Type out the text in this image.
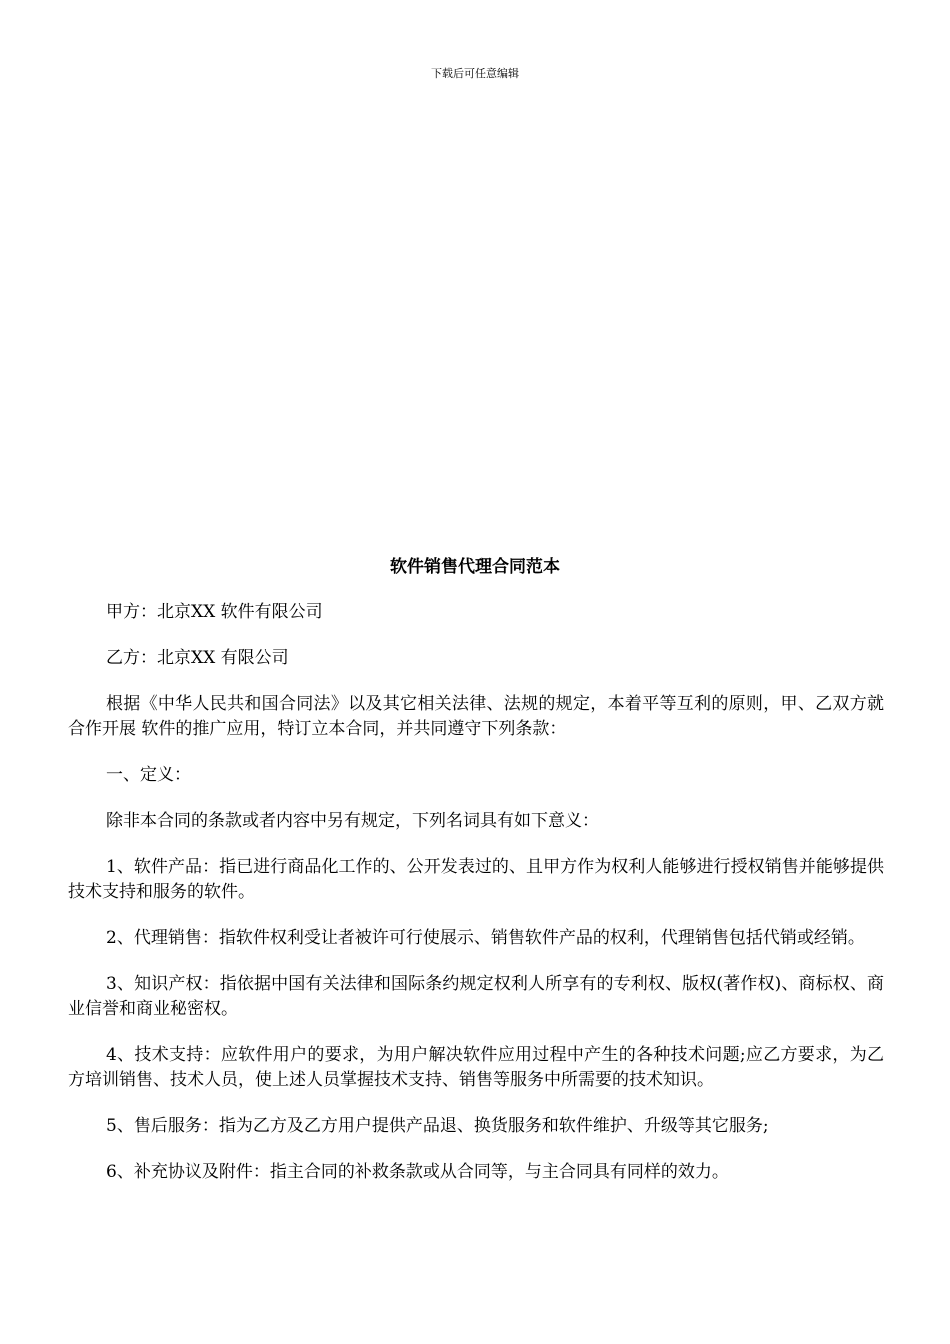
下载后可任意编辑
软件销售代理合同范本

甲方：北京XX 软件有限公司

乙方：北京XX 有限公司

根据《中华人民共和国合同法》以及其它相关法律、法规的规定，本着平等互利的原则，甲、乙双方就合作开展 软件的推广应用，特订立本合同，并共同遵守下列条款：

一、定义：

除非本合同的条款或者内容中另有规定，下列名词具有如下意义：

1、软件产品：指已进行商品化工作的、公开发表过的、且甲方作为权利人能够进行授权销售并能够提供技术支持和服务的软件。

2、代理销售：指软件权利受让者被许可行使展示、销售软件产品的权利，代理销售包括代销或经销。

3、知识产权：指依据中国有关法律和国际条约规定权利人所享有的专利权、版权(著作权)、商标权、商业信誉和商业秘密权。

4、技术支持：应软件用户的要求，为用户解决软件应用过程中产生的各种技术问题;应乙方要求，为乙方培训销售、技术人员，使上述人员掌握技术支持、销售等服务中所需要的技术知识。

5、售后服务：指为乙方及乙方用户提供产品退、换货服务和软件维护、升级等其它服务;

6、补充协议及附件：指主合同的补救条款或从合同等，与主合同具有同样的效力。
